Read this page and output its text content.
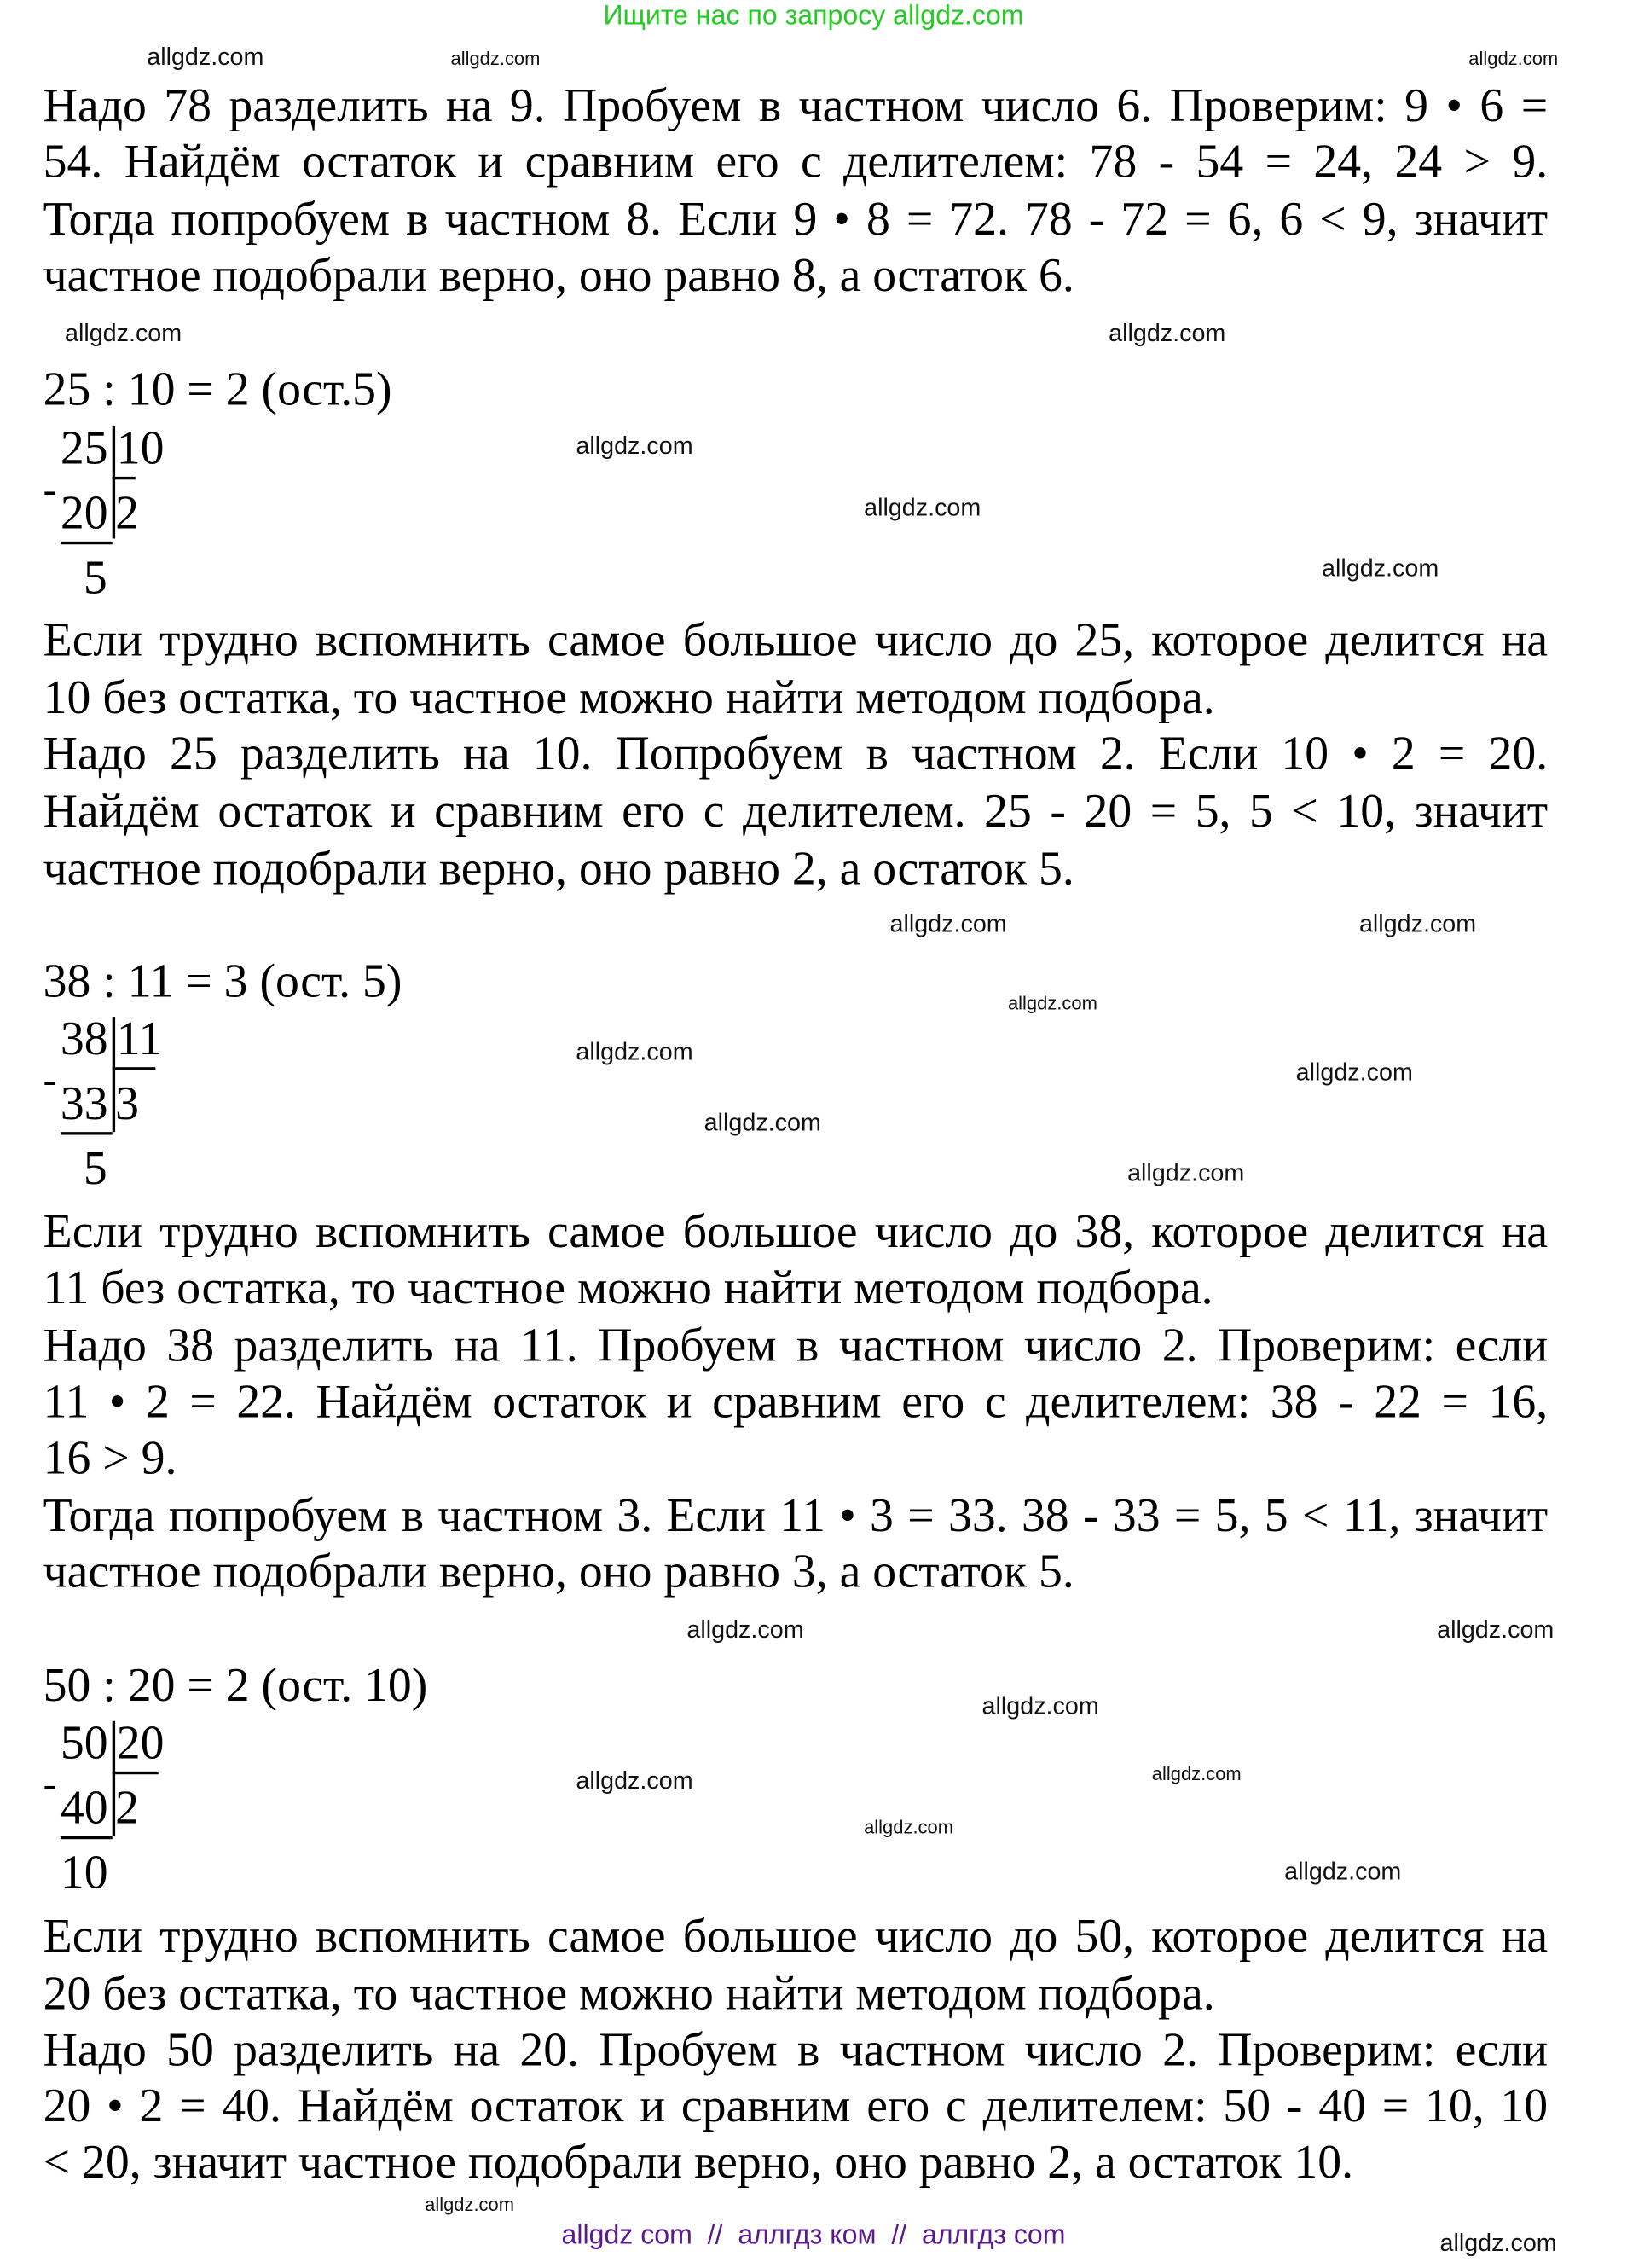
Ищите нас по запросу allgdz.com
Надо 78 разделить на 9. Пробуем в частном число 6. Проверим: 9 • 6 =
54. Найдём остаток и сравним его с делителем: 78 - 54 = 24, 24 > 9.
Тогда попробуем в частном 8. Если 9 • 8 = 72. 78 - 72 = 6, 6 < 9, значит
частное подобрали верно, оно равно 8, а остаток 6.
25 : 10 = 2 (ост.5)
25 10
- 20 2
5
Если трудно вспомнить самое большое число до 25, которое делится на
10 без остатка, то частное можно найти методом подбора.
Надо 25 разделить на 10. Попробуем в частном 2. Если 10 • 2 = 20.
Найдём остаток и сравним его с делителем. 25 - 20 = 5, 5 < 10, значит
частное подобрали верно, оно равно 2, а остаток 5.
38 : 11 = 3 (ост. 5)
38 11
- 33 3
5
Если трудно вспомнить самое большое число до 38, которое делится на
11 без остатка, то частное можно найти методом подбора.
Надо 38 разделить на 11. Пробуем в частном число 2. Проверим: если
11 • 2 = 22. Найдём остаток и сравним его с делителем: 38 - 22 = 16,
16 > 9.
Тогда попробуем в частном 3. Если 11 • 3 = 33. 38 - 33 = 5, 5 < 11, значит
частное подобрали верно, оно равно 3, а остаток 5.
50 : 20 = 2 (ост. 10)
50 20
- 40 2
10
Если трудно вспомнить самое большое число до 50, которое делится на
20 без остатка, то частное можно найти методом подбора.
Надо 50 разделить на 20. Пробуем в частном число 2. Проверим: если
20 • 2 = 40. Найдём остаток и сравним его с делителем: 50 - 40 = 10, 10
< 20, значит частное подобрали верно, оно равно 2, а остаток 10.
allgdz.com	allgdz.com	allgdz.com
allgdz.com
allgdz.com
allgdz.com
allgdz.com
allgdz.com
allgdz.com
allgdz.com
allgdz.com
allgdz.com
allgdz.com
allgdz.com
allgdz.com
allgdz.com
allgdz.com
allgdz.com
allgdz.com
allgdz.com
allgdz.com
allgdz.com
allgdz.com
allgdz.com
allgdz com  //  аллгдз ком  //  аллгдз com
